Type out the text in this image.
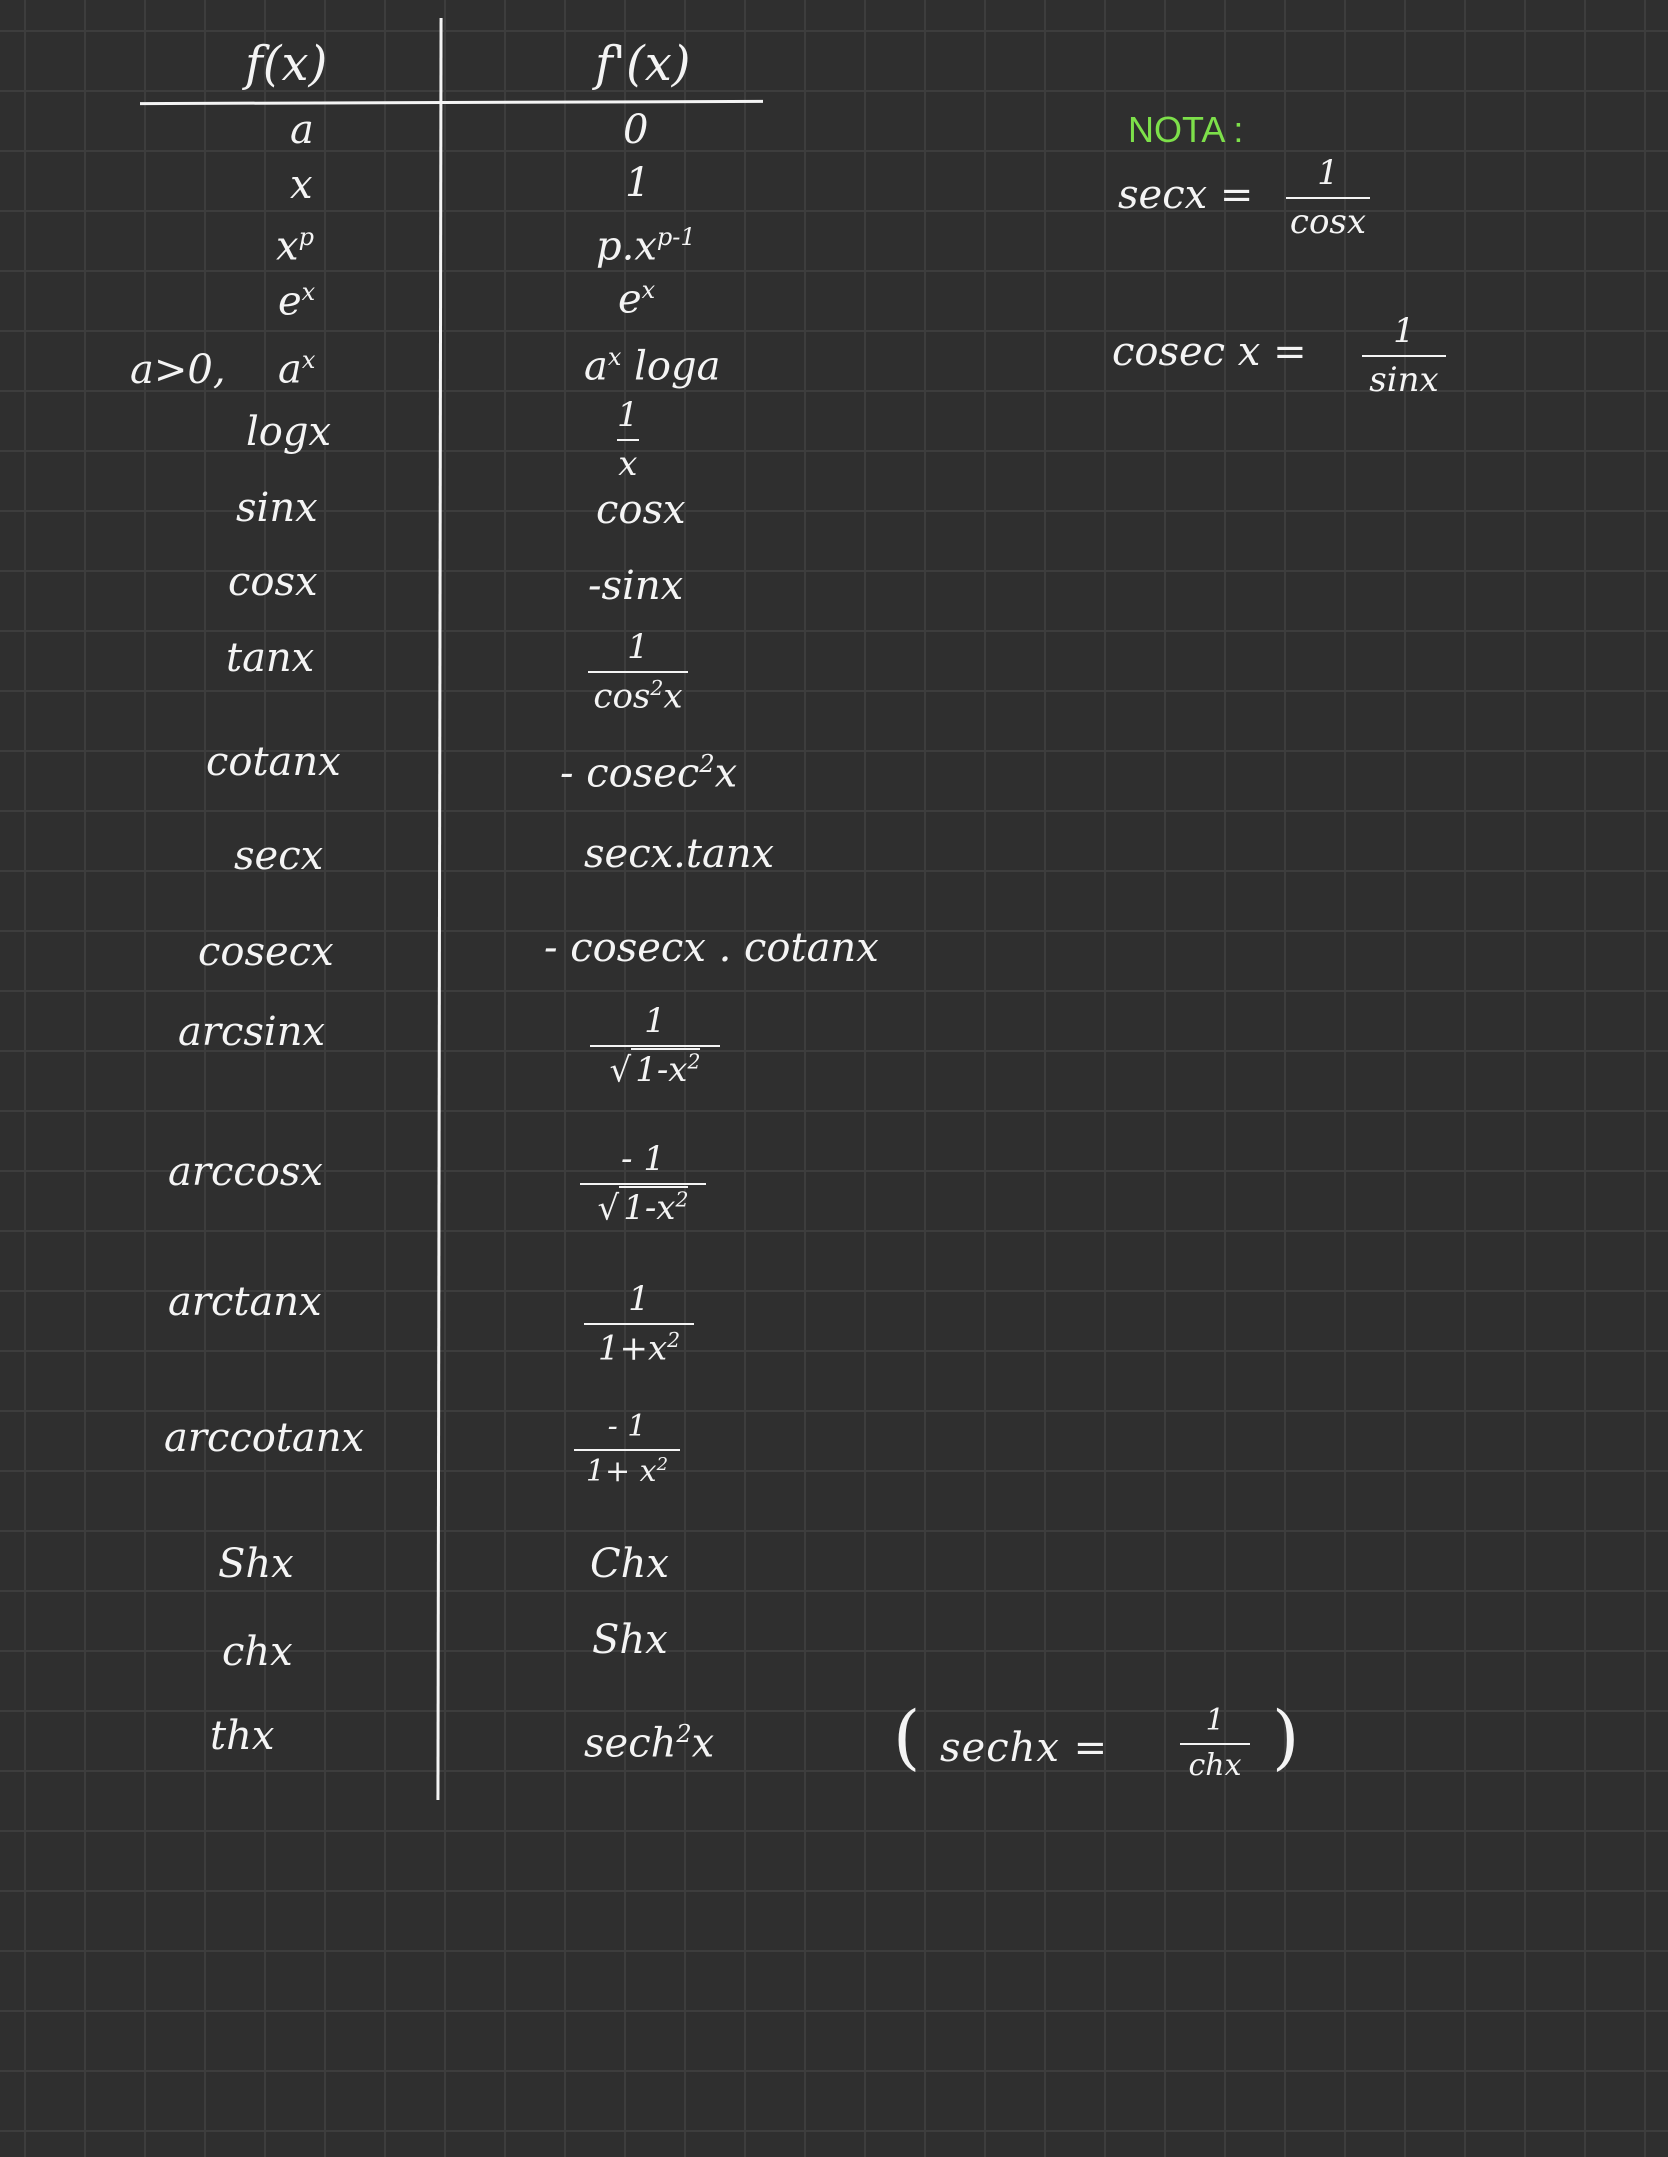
f(x)	f'(x)
a	0
x	1
$x^p$	$p.x^{p-1}$
$e^x$	$e^x$
a>0, $a^x$	$a^x$ loga
logx	1
x
sinx	cosx
cosx	-sinx
tanx	1
$\cos^2x$
cotanx	- cosec$^2$x
secx	secx.tanx
cosecx	- cosecx . cotanx
arcsinx	1
√ $1-x^2$
arccosx	- 1
√ $1-x^2$
arctanx	1
$1+x^2$
arccotanx	- 1
$1+ x^2$
Shx	Chx
chx	Shx
thx	sech$^2$x	( sechx =
1
chx )
NOTA :
secx = 1
cosx
cosec x =	1
sinx
